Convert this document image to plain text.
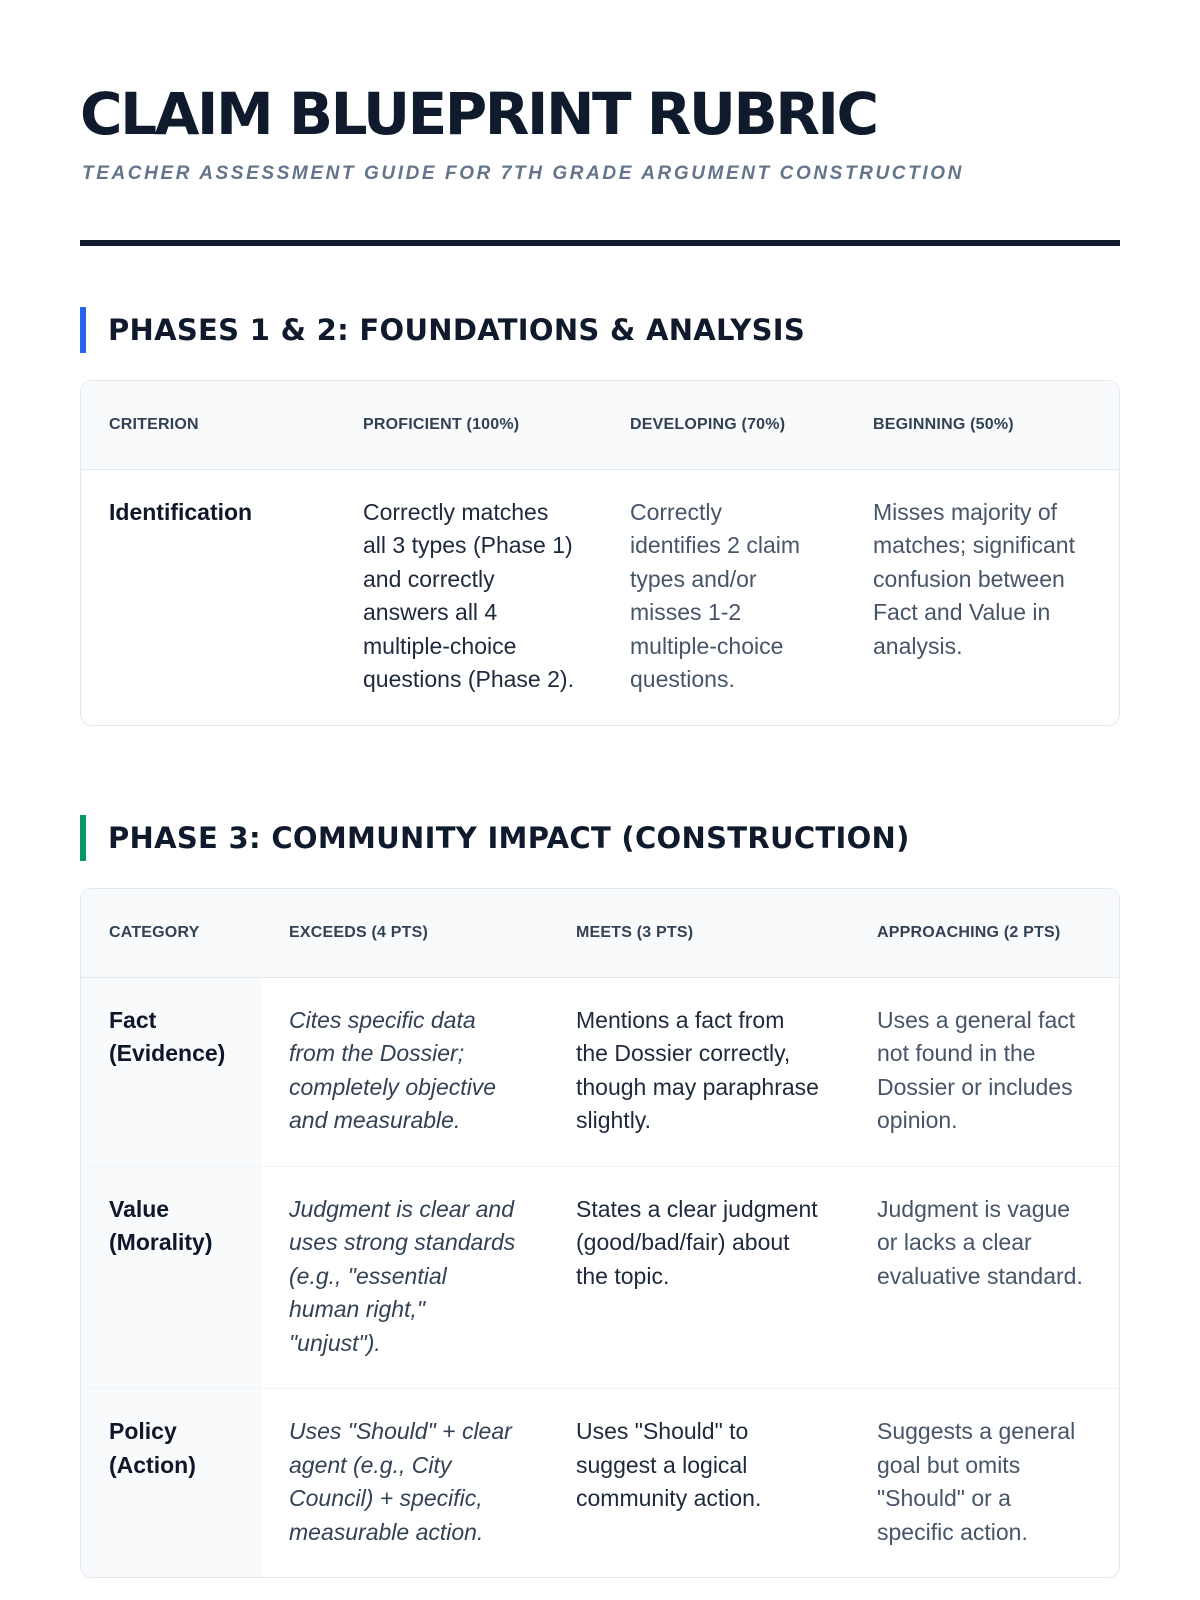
CLAIM BLUEPRINT RUBRIC
TEACHER ASSESSMENT GUIDE FOR 7TH GRADE ARGUMENT CONSTRUCTION
PHASES 1 & 2: FOUNDATIONS & ANALYSIS
CRITERION	PROFICIENT (100%)	DEVELOPING (70%)	BEGINNING (50%)
Identification	Correctly matches all 3 types (Phase 1) and correctly answers all 4 multiple-choice questions (Phase 2).	Correctly identifies 2 claim types and/or misses 1-2 multiple-choice questions.	Misses majority of matches; significant confusion between Fact and Value in analysis.
PHASE 3: COMMUNITY IMPACT (CONSTRUCTION)
CATEGORY	EXCEEDS (4 PTS)	MEETS (3 PTS)	APPROACHING (2 PTS)
Fact (Evidence)	Cites specific data from the Dossier; completely objective and measurable.	Mentions a fact from the Dossier correctly, though may paraphrase slightly.	Uses a general fact not found in the Dossier or includes opinion.
Value (Morality)	Judgment is clear and uses strong standards (e.g., "essential human right," "unjust").	States a clear judgment (good/bad/fair) about the topic.	Judgment is vague or lacks a clear evaluative standard.
Policy (Action)	Uses "Should" + clear agent (e.g., City Council) + specific, measurable action.	Uses "Should" to suggest a logical community action.	Suggests a general goal but omits "Should" or a specific action.
